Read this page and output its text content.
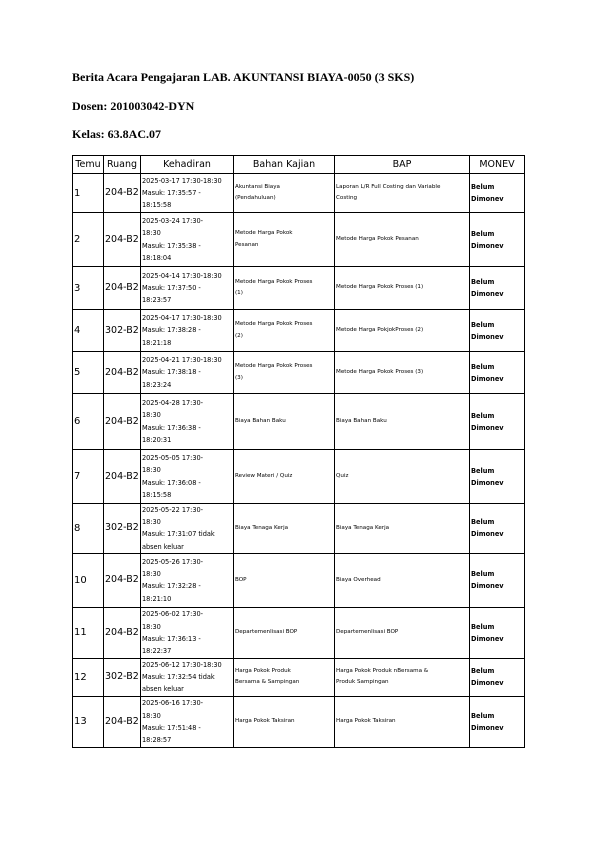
Berita Acara Pengajaran LAB. AKUNTANSI BIAYA-0050 (3 SKS)
Dosen: 201003042-DYN
Kelas: 63.8AC.07
Temu	Ruang	Kehadiran	Bahan Kajian	BAP	MONEV
1	204-B2	2025-03-17 17:30-18:30
Masuk: 17:35:57 -
18:15:58	Akuntansi Biaya
(Pendahuluan)	Laporan L/R Full Costing dan Variable
Costing	Belum
Dimonev
2	204-B2	2025-03-24 17:30-
18:30
Masuk: 17:35:38 -
18:18:04	Metode Harga Pokok
Pesanan	Metode Harga Pokok Pesanan	Belum
Dimonev
3	204-B2	2025-04-14 17:30-18:30
Masuk: 17:37:50 -
18:23:57	Metode Harga Pokok Proses
(1)	Metode Harga Pokok Proses (1)	Belum
Dimonev
4	302-B2	2025-04-17 17:30-18:30
Masuk: 17:38:28 -
18:21:18	Metode Harga Pokok Proses
(2)	Metode Harga PokjokProses (2)	Belum
Dimonev
5	204-B2	2025-04-21 17:30-18:30
Masuk: 17:38:18 -
18:23:24	Metode Harga Pokok Proses
(3)	Metode Harga Pokok Proses (3)	Belum
Dimonev
6	204-B2	2025-04-28 17:30-
18:30
Masuk: 17:36:38 -
18:20:31	Biaya Bahan Baku	Biaya Bahan Baku	Belum
Dimonev
7	204-B2	2025-05-05 17:30-
18:30
Masuk: 17:36:08 -
18:15:58	Review Materi / Quiz	Quiz	Belum
Dimonev
8	302-B2	2025-05-22 17:30-
18:30
Masuk: 17:31:07 tidak
absen keluar	Biaya Tenaga Kerja	Biaya Tenaga Kerja	Belum
Dimonev
10	204-B2	2025-05-26 17:30-
18:30
Masuk: 17:32:28 -
18:21:10	BOP	Biaya Overhead	Belum
Dimonev
11	204-B2	2025-06-02 17:30-
18:30
Masuk: 17:36:13 -
18:22:37	Departemenlisasi BOP	Departemenlisasi BOP	Belum
Dimonev
12	302-B2	2025-06-12 17:30-18:30
Masuk: 17:32:54 tidak
absen keluar	Harga Pokok Produk
Bersama & Sampingan	Harga Pokok Produk nBersama &
Produk Sampingan	Belum
Dimonev
13	204-B2	2025-06-16 17:30-
18:30
Masuk: 17:51:48 -
18:28:57	Harga Pokok Taksiran	Harga Pokok Taksiran	Belum
Dimonev
